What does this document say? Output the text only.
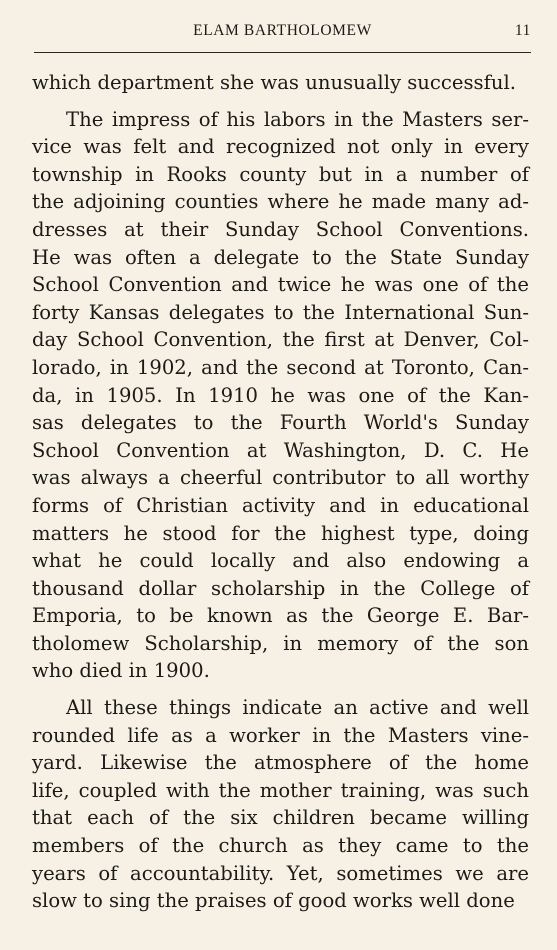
ELAM BARTHOLOMEW	11
which department she was unusually successful.
The impress of his labors in the Masters ser-
vice was felt and recognized not only in every
township in Rooks county but in a number of
the adjoining counties where he made many ad-
dresses at their Sunday School Conventions.
He was often a delegate to the State Sunday
School Convention and twice he was one of the
forty Kansas delegates to the International Sun-
day School Convention, the first at Denver, Col-
lorado, in 1902, and the second at Toronto, Can-
da, in 1905. In 1910 he was one of the Kan-
sas delegates to the Fourth World's Sunday
School Convention at Washington, D. C. He
was always a cheerful contributor to all worthy
forms of Christian activity and in educational
matters he stood for the highest type, doing
what he could locally and also endowing a
thousand dollar scholarship in the College of
Emporia, to be known as the George E. Bar-
tholomew Scholarship, in memory of the son
who died in 1900.
All these things indicate an active and well
rounded life as a worker in the Masters vine-
yard. Likewise the atmosphere of the home
life, coupled with the mother training, was such
that each of the six children became willing
members of the church as they came to the
years of accountability. Yet, sometimes we are
slow to sing the praises of good works well done
